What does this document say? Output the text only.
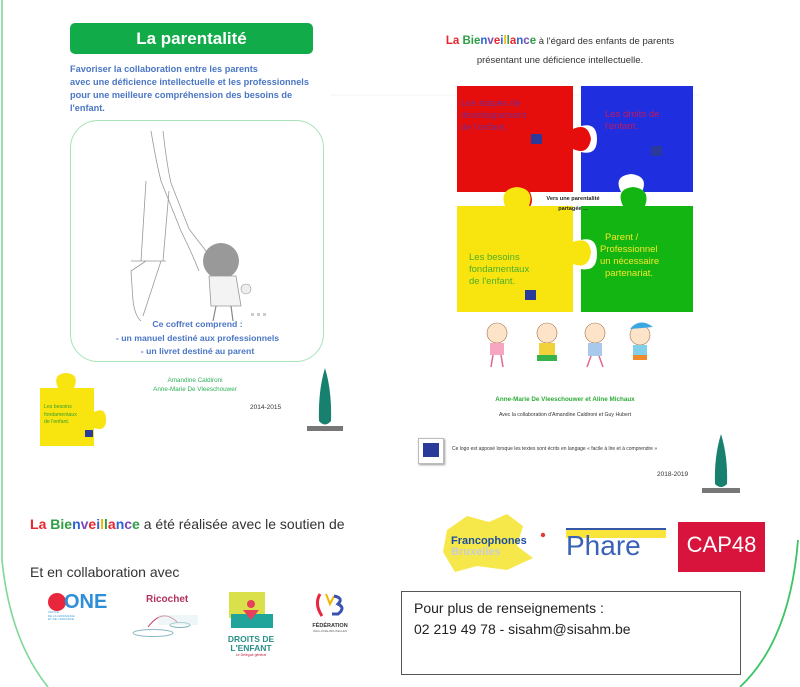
La parentalité
Favoriser la collaboration entre les parents
avec une déficience intellectuelle et les professionnels
pour une meilleure compréhension des besoins de
l'enfant.
Ce coffret comprend :
- un manuel destiné aux professionnels
- un livret destiné au parent
Les besoins
fondamentaux
de l'enfant.
Amandine Caldironi
Anne-Marie De Vleeschouwer
2014-2015
La Bienveillance à l'égard des enfants de parents
présentant une déficience intellectuelle.
Les étapes de développement de l'enfant.
Les droits de l'enfant.
Les besoins fondamentaux de l'enfant.
Parent / Professionnel un nécessaire partenariat.
Vers une parentalité
partagée ...
Anne-Marie De Vleeschouwer et Aline Michaux
Avec la collaboration d'Amandine Caldironi et Guy Hubert
Ce logo est apposé lorsque les textes sont écrits en langage « facile à lire et à comprendre »
2018-2019
La Bienveillance a été réalisée avec le soutien de
Francophones
Bruxelles Phare	CAP48
Et en collaboration avec
ONE
OFFICE
DE LA NAISSANCE
ET DE L'ENFANCE
Ricochet
DROITS DE
L'ENFANT
Le Délégué général
FÉDÉRATION
WALLONIE-BRUXELLES
Pour plus de renseignements :
02 219 49 78 - sisahm@sisahm.be
